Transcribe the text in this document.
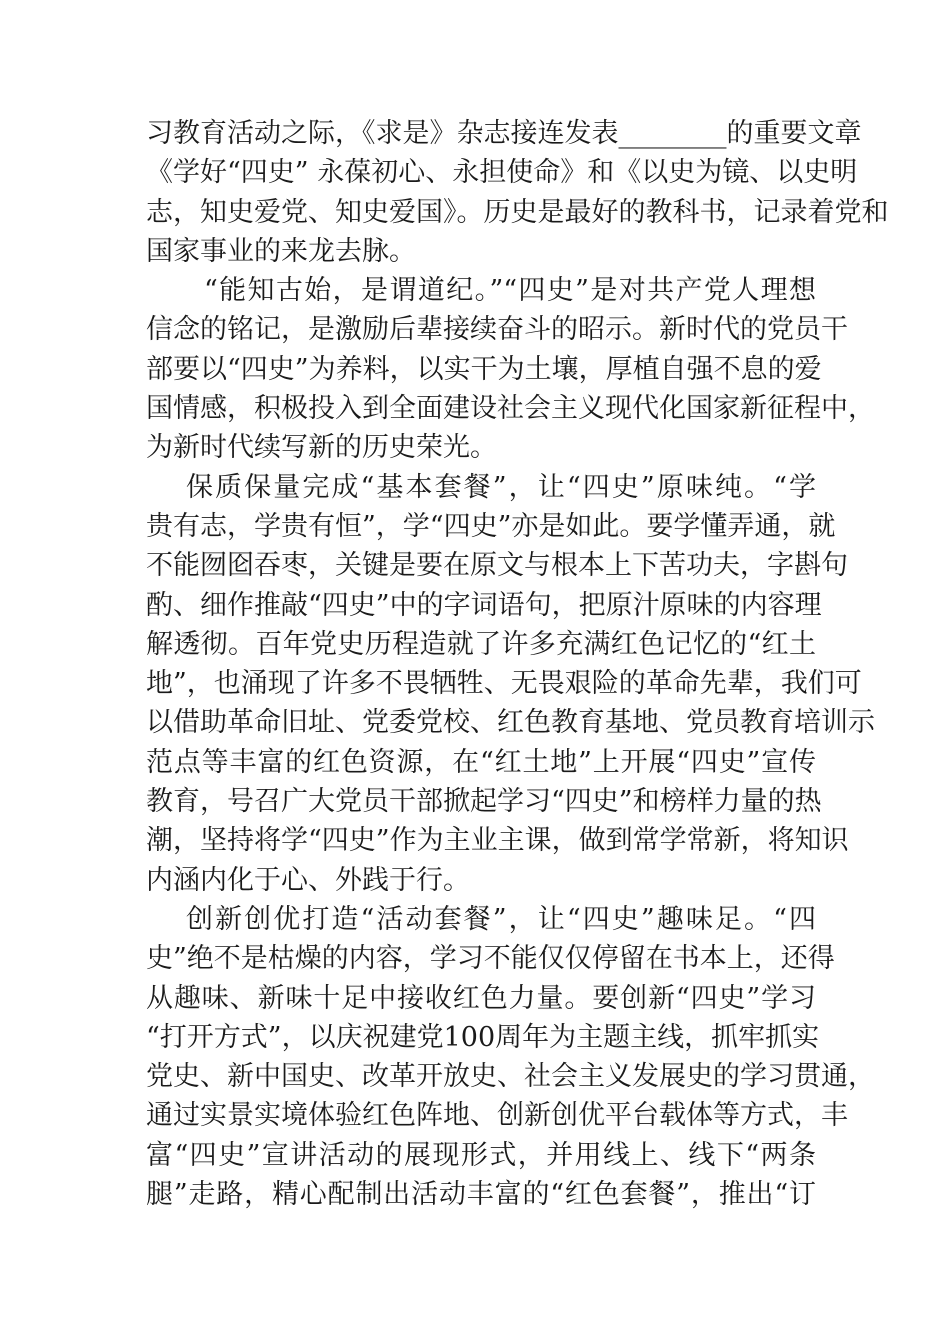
习教育活动之际，《求是》杂志接连发表________的重要文章
《学好“四史” 永葆初心、永担使命》和《以史为镜、以史明
志，知史爱党、知史爱国》。历史是最好的教科书，记录着党和
国家事业的来龙去脉。
“能知古始，是谓道纪。”“四史”是对共产党人理想
信念的铭记，是激励后辈接续奋斗的昭示。新时代的党员干
部要以“四史”为养料，以实干为土壤，厚植自强不息的爱
国情感，积极投入到全面建设社会主义现代化国家新征程中，
为新时代续写新的历史荣光。
保质保量完成“基本套餐”，让“四史”原味纯。“学
贵有志，学贵有恒”，学“四史”亦是如此。要学懂弄通，就
不能囫囵吞枣，关键是要在原文与根本上下苦功夫，字斟句
酌、细作推敲“四史”中的字词语句，把原汁原味的内容理
解透彻。百年党史历程造就了许多充满红色记忆的“红土
地”，也涌现了许多不畏牺牲、无畏艰险的革命先辈，我们可
以借助革命旧址、党委党校、红色教育基地、党员教育培训示
范点等丰富的红色资源，在“红土地”上开展“四史”宣传
教育，号召广大党员干部掀起学习“四史”和榜样力量的热
潮，坚持将学“四史”作为主业主课，做到常学常新，将知识
内涵内化于心、外践于行。
创新创优打造“活动套餐”，让“四史”趣味足。“四
史”绝不是枯燥的内容，学习不能仅仅停留在书本上，还得
从趣味、新味十足中接收红色力量。要创新“四史”学习
“打开方式”，以庆祝建党100周年为主题主线，抓牢抓实
党史、新中国史、改革开放史、社会主义发展史的学习贯通，
通过实景实境体验红色阵地、创新创优平台载体等方式，丰
富“四史”宣讲活动的展现形式，并用线上、线下“两条
腿”走路，精心配制出活动丰富的“红色套餐”，推出“订
